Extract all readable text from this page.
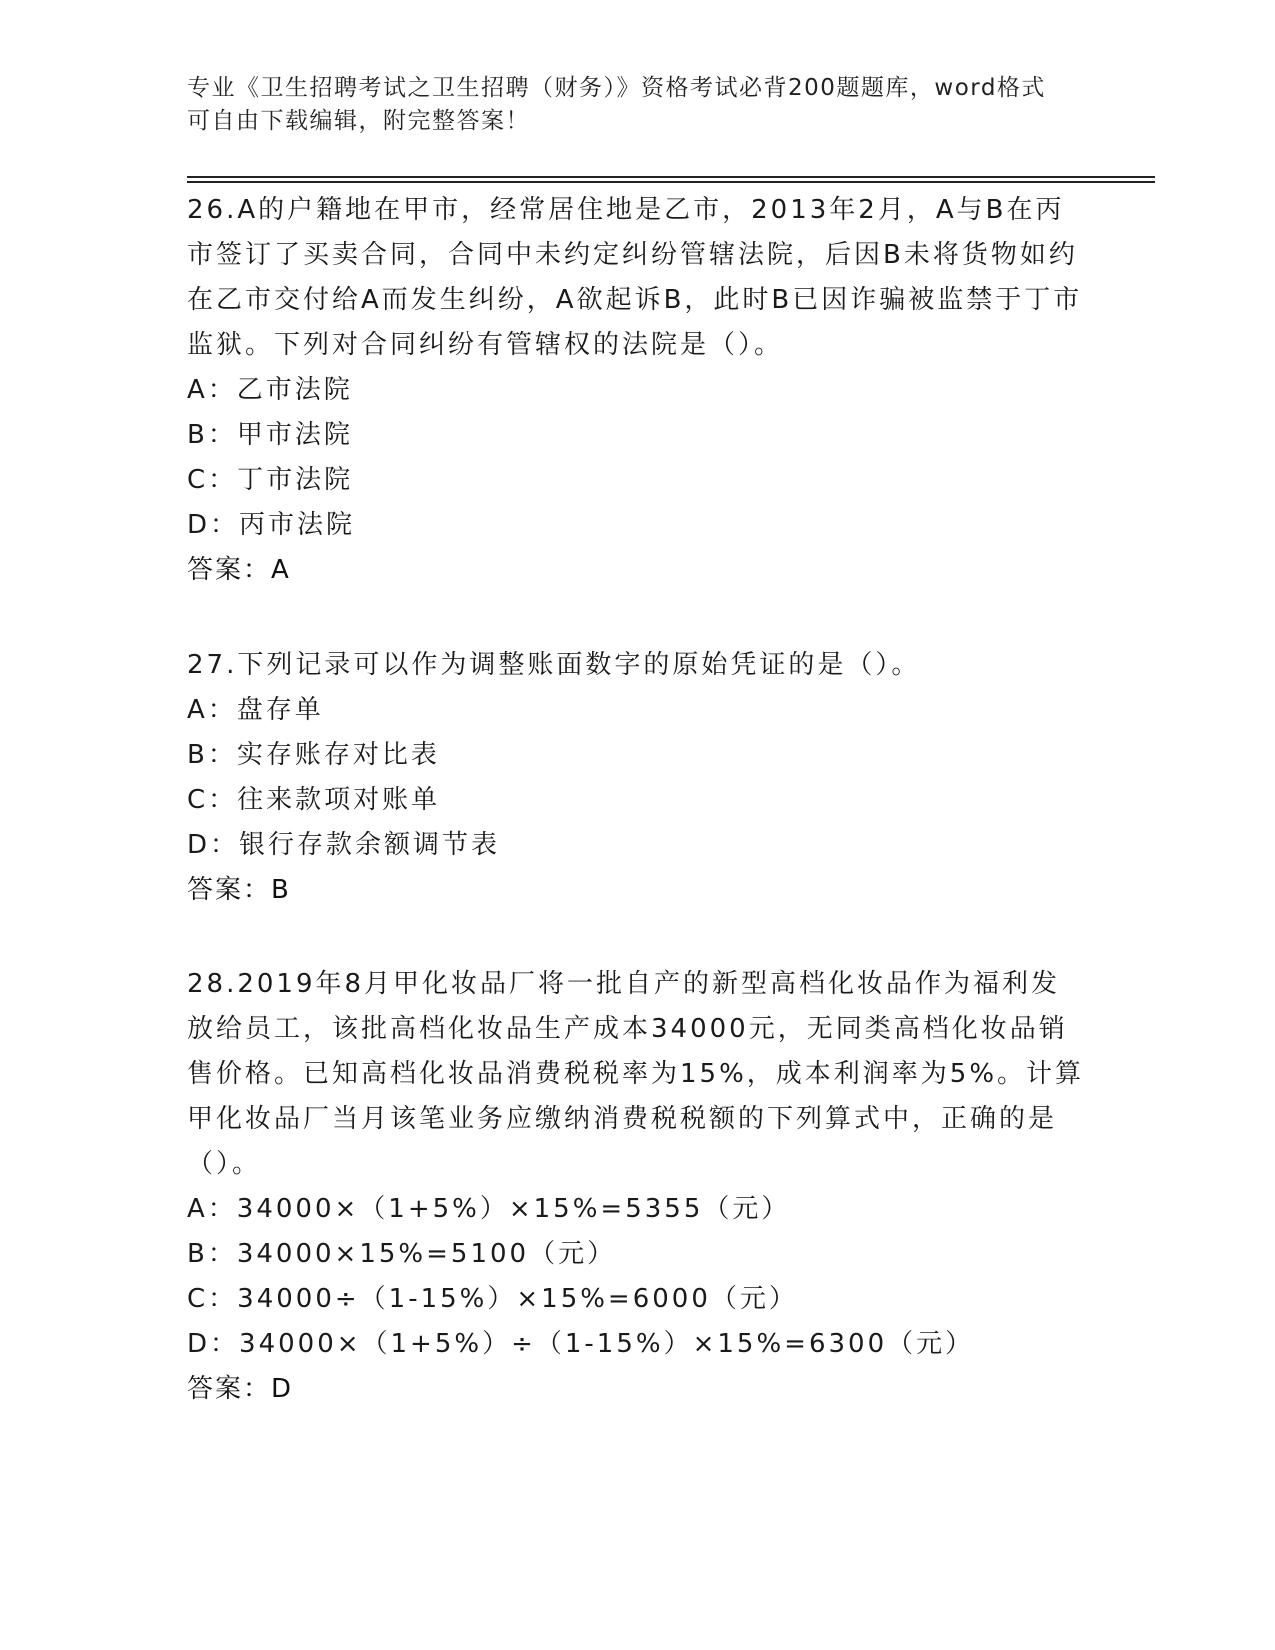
专业《卫生招聘考试之卫生招聘（财务）》资格考试必背200题题库，word格式
可自由下载编辑，附完整答案！
26.A的户籍地在甲市，经常居住地是乙市，2013年2月，A与B在丙市签订了买卖合同，合同中未约定纠纷管辖法院，后因B未将货物如约在乙市交付给A而发生纠纷，A欲起诉B，此时B已因诈骗被监禁于丁市监狱。下列对合同纠纷有管辖权的法院是（）。
A：乙市法院
B：甲市法院
C：丁市法院
D：丙市法院
答案：A
27.下列记录可以作为调整账面数字的原始凭证的是（）。
A：盘存单
B：实存账存对比表
C：往来款项对账单
D：银行存款余额调节表
答案：B
28.2019年8月甲化妆品厂将一批自产的新型高档化妆品作为福利发放给员工，该批高档化妆品生产成本34000元，无同类高档化妆品销售价格。已知高档化妆品消费税税率为15%，成本利润率为5%。计算甲化妆品厂当月该笔业务应缴纳消费税税额的下列算式中，正确的是（）。
A：34000×（1+5%）×15%=5355（元）
B：34000×15%=5100（元）
C：34000÷（1-15%）×15%=6000（元）
D：34000×（1+5%）÷（1-15%）×15%=6300（元）
答案：D
